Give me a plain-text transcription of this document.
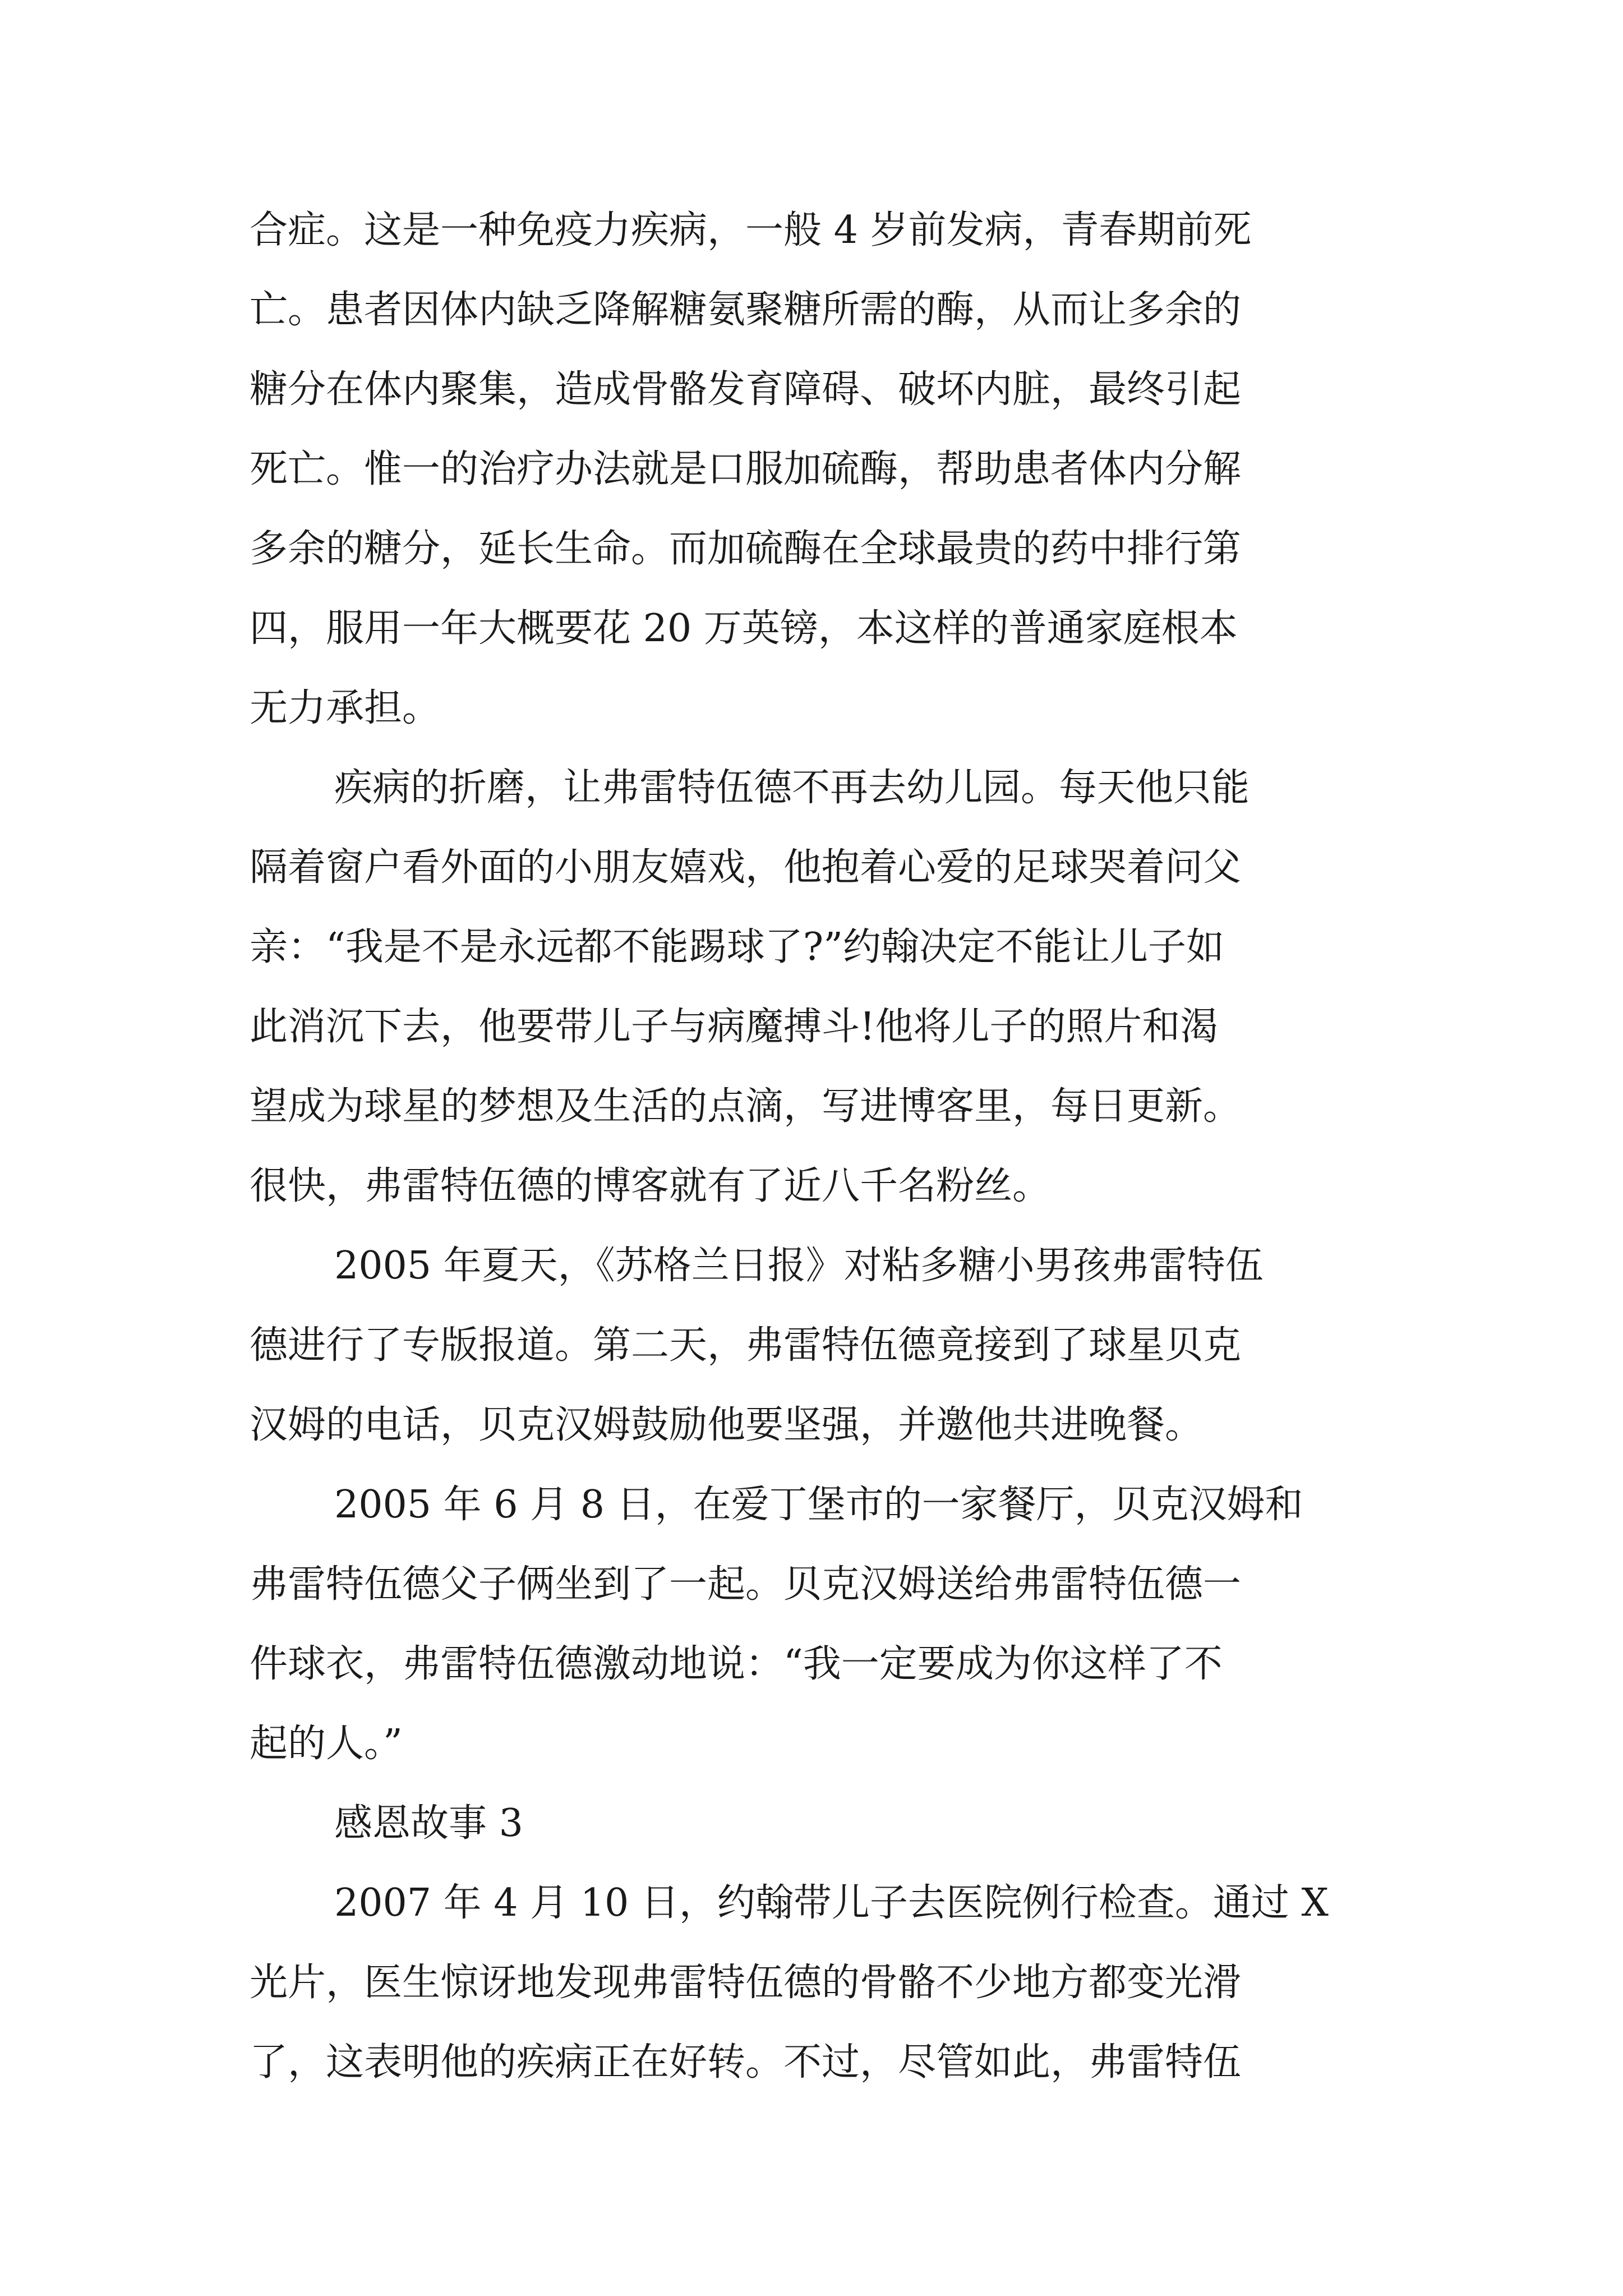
合症。这是一种免疫力疾病，一般 4 岁前发病，青春期前死
亡。患者因体内缺乏降解糖氨聚糖所需的酶，从而让多余的
糖分在体内聚集，造成骨骼发育障碍、破坏内脏，最终引起
死亡。惟一的治疗办法就是口服加硫酶，帮助患者体内分解
多余的糖分，延长生命。而加硫酶在全球最贵的药中排行第
四，服用一年大概要花 20 万英镑，本这样的普通家庭根本
无力承担。
疾病的折磨，让弗雷特伍德不再去幼儿园。每天他只能
隔着窗户看外面的小朋友嬉戏，他抱着心爱的足球哭着问父
亲：“我是不是永远都不能踢球了?”约翰决定不能让儿子如
此消沉下去，他要带儿子与病魔搏斗!他将儿子的照片和渴
望成为球星的梦想及生活的点滴，写进博客里，每日更新。
很快，弗雷特伍德的博客就有了近八千名粉丝。
2005 年夏天，《苏格兰日报》对粘多糖小男孩弗雷特伍
德进行了专版报道。第二天，弗雷特伍德竟接到了球星贝克
汉姆的电话，贝克汉姆鼓励他要坚强，并邀他共进晚餐。
2005 年 6 月 8 日，在爱丁堡市的一家餐厅，贝克汉姆和
弗雷特伍德父子俩坐到了一起。贝克汉姆送给弗雷特伍德一
件球衣，弗雷特伍德激动地说：“我一定要成为你这样了不
起的人。”
感恩故事 3
2007 年 4 月 10 日，约翰带儿子去医院例行检查。通过 X
光片，医生惊讶地发现弗雷特伍德的骨骼不少地方都变光滑
了，这表明他的疾病正在好转。不过，尽管如此，弗雷特伍
